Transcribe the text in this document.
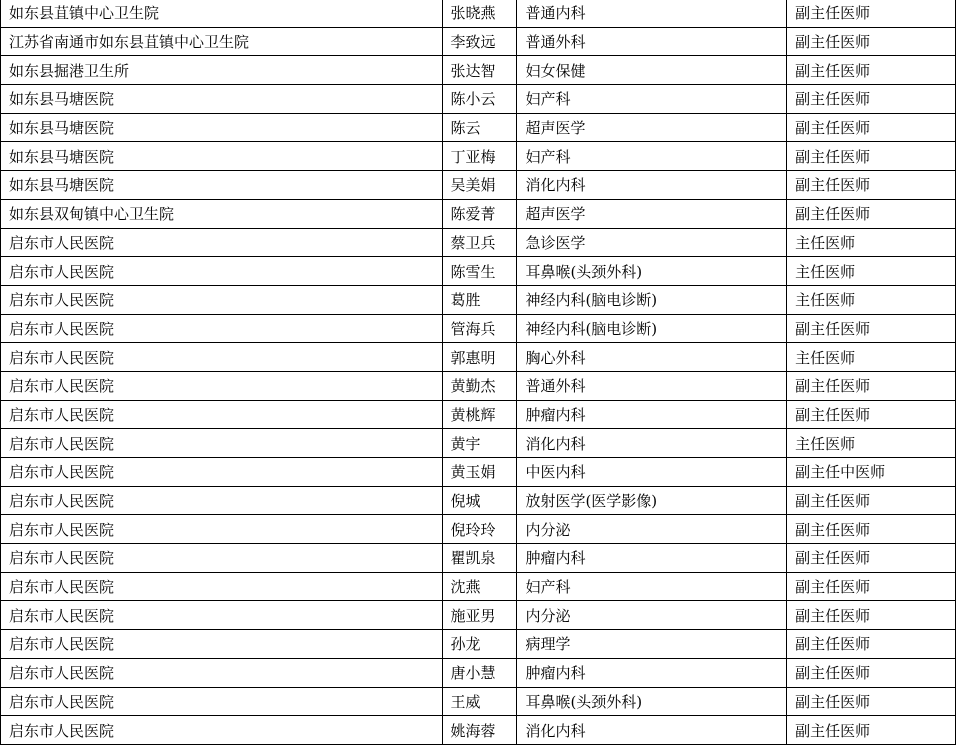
如东县苴镇中心卫生院	张晓燕	普通内科	副主任医师
江苏省南通市如东县苴镇中心卫生院	李致远	普通外科	副主任医师
如东县掘港卫生所	张达智	妇女保健	副主任医师
如东县马塘医院	陈小云	妇产科	副主任医师
如东县马塘医院	陈云	超声医学	副主任医师
如东县马塘医院	丁亚梅	妇产科	副主任医师
如东县马塘医院	吴美娟	消化内科	副主任医师
如东县双甸镇中心卫生院	陈爱菁	超声医学	副主任医师
启东市人民医院	蔡卫兵	急诊医学	主任医师
启东市人民医院	陈雪生	耳鼻喉(头颈外科)	主任医师
启东市人民医院	葛胜	神经内科(脑电诊断)	主任医师
启东市人民医院	管海兵	神经内科(脑电诊断)	副主任医师
启东市人民医院	郭惠明	胸心外科	主任医师
启东市人民医院	黄勤杰	普通外科	副主任医师
启东市人民医院	黄桃辉	肿瘤内科	副主任医师
启东市人民医院	黄宇	消化内科	主任医师
启东市人民医院	黄玉娟	中医内科	副主任中医师
启东市人民医院	倪城	放射医学(医学影像)	副主任医师
启东市人民医院	倪玲玲	内分泌	副主任医师
启东市人民医院	瞿凯泉	肿瘤内科	副主任医师
启东市人民医院	沈燕	妇产科	副主任医师
启东市人民医院	施亚男	内分泌	副主任医师
启东市人民医院	孙龙	病理学	副主任医师
启东市人民医院	唐小慧	肿瘤内科	副主任医师
启东市人民医院	王威	耳鼻喉(头颈外科)	副主任医师
启东市人民医院	姚海蓉	消化内科	副主任医师
